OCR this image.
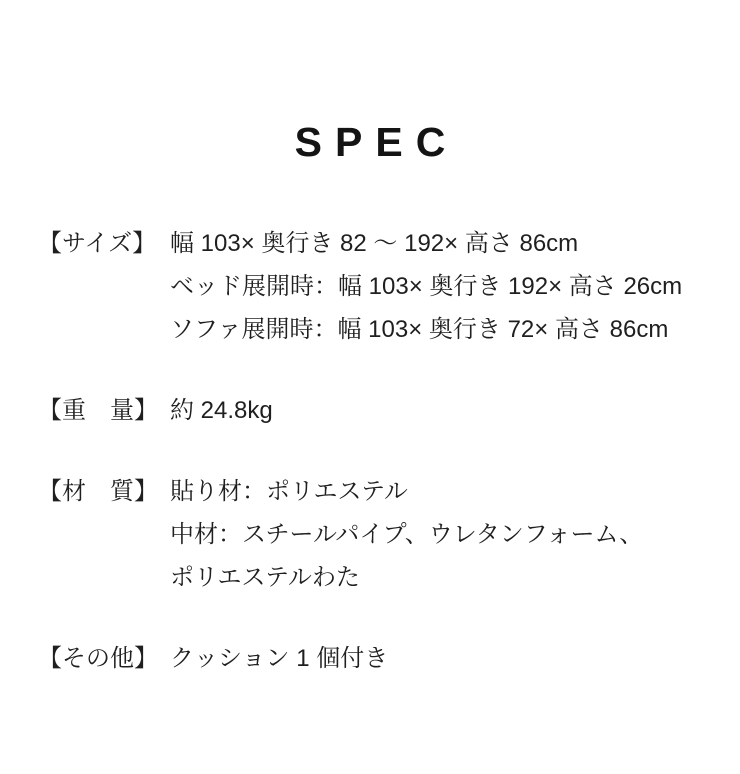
SPEC
【サイズ】 幅 103× 奥行き 82 ～ 192× 高さ 86cm
ベッド展開時：幅 103× 奥行き 192× 高さ 26cm
ソファ展開時：幅 103× 奥行き 72× 高さ 86cm
【重　量】 約 24.8kg
【材　質】 貼り材：ポリエステル
中材：スチールパイプ、ウレタンフォーム、
ポリエステルわた
【その他】 クッション 1 個付き
